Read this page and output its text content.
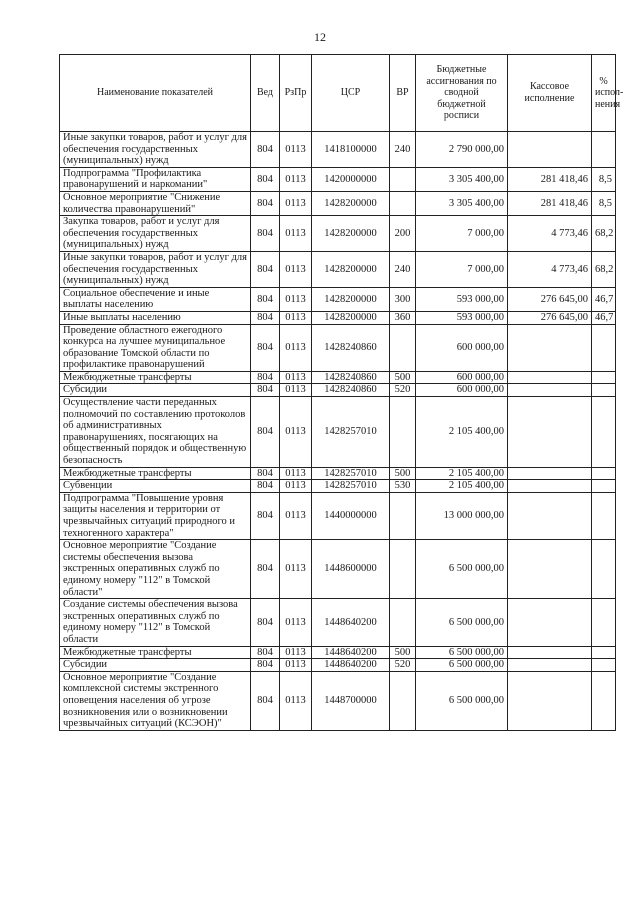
12
Наименование показателей	Вед	РзПр	ЦСР	ВР	Бюджетные ассигнования по сводной бюджетной росписи	Кассовое исполнение	% испол-нения
Иные закупки товаров, работ и услуг для обеспечения государственных (муниципальных) нужд	804	0113	1418100000	240	2 790 000,00		
Подпрограмма "Профилактика правонарушений и наркомании"	804	0113	1420000000		3 305 400,00	281 418,46	8,5
Основное мероприятие "Снижение количества правонарушений"	804	0113	1428200000		3 305 400,00	281 418,46	8,5
Закупка товаров, работ и услуг для обеспечения государственных (муниципальных) нужд	804	0113	1428200000	200	7 000,00	4 773,46	68,2
Иные закупки товаров, работ и услуг для обеспечения государственных (муниципальных) нужд	804	0113	1428200000	240	7 000,00	4 773,46	68,2
Социальное обеспечение и иные выплаты населению	804	0113	1428200000	300	593 000,00	276 645,00	46,7
Иные выплаты населению	804	0113	1428200000	360	593 000,00	276 645,00	46,7
Проведение областного ежегодного конкурса на лучшее муниципальное образование Томской области по профилактике правонарушений	804	0113	1428240860		600 000,00		
Межбюджетные трансферты	804	0113	1428240860	500	600 000,00		
Субсидии	804	0113	1428240860	520	600 000,00		
Осуществление части переданных полномочий по составлению протоколов об административных правонарушениях, посягающих на общественный порядок и общественную безопасность	804	0113	1428257010		2 105 400,00		
Межбюджетные трансферты	804	0113	1428257010	500	2 105 400,00		
Субвенции	804	0113	1428257010	530	2 105 400,00		
Подпрограмма "Повышение уровня защиты населения и территории от чрезвычайных ситуаций природного и техногенного характера"	804	0113	1440000000		13 000 000,00		
Основное мероприятие "Создание системы обеспечения вызова экстренных оперативных служб по единому номеру "112" в Томской области"	804	0113	1448600000		6 500 000,00		
Создание системы обеспечения вызова экстренных оперативных служб по единому номеру "112" в Томской области	804	0113	1448640200		6 500 000,00		
Межбюджетные трансферты	804	0113	1448640200	500	6 500 000,00		
Субсидии	804	0113	1448640200	520	6 500 000,00		
Основное мероприятие "Создание комплексной системы экстренного оповещения населения об угрозе возникновения или о возникновении чрезвычайных ситуаций (КСЭОН)"	804	0113	1448700000		6 500 000,00		
